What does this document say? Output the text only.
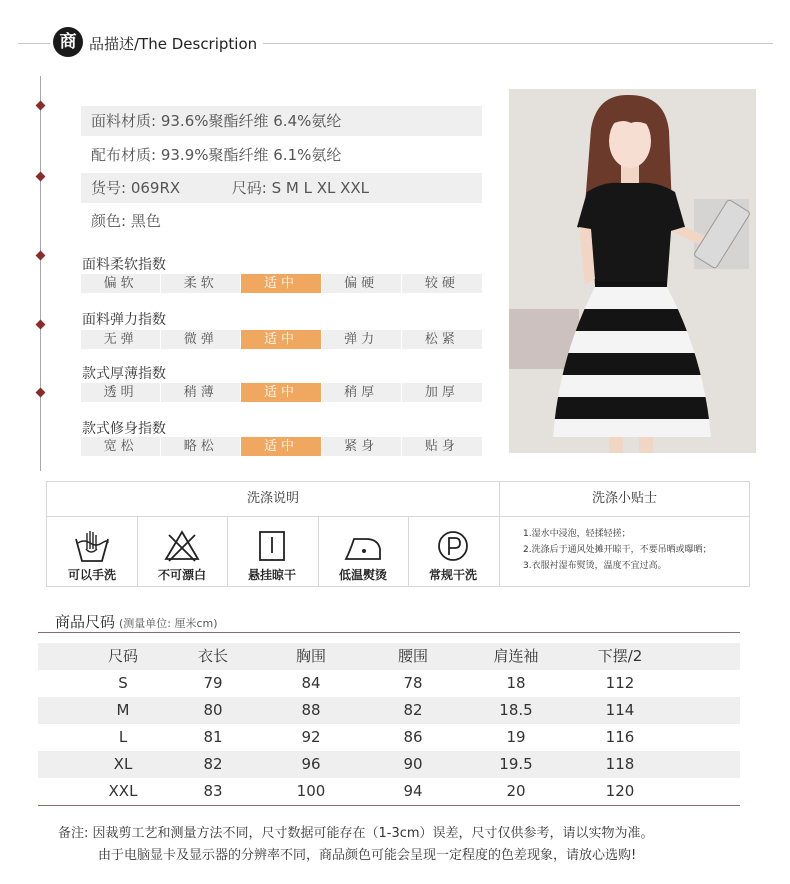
商 品描述/The Description
面料材质: 93.6%聚酯纤维 6.4%氨纶
配布材质: 93.9%聚酯纤维 6.1%氨纶
货号: 069RX	尺码: S M L XL XXL
颜色: 黑色
面料柔软指数
偏软	柔软	适中	偏硬	较硬
面料弹力指数
无弹	微弹	适中	弹力	松紧
款式厚薄指数
透明	稍薄	适中	稍厚	加厚
款式修身指数
宽松	略松	适中	紧身	贴身
洗涤说明	洗涤小贴士
可以手洗	不可漂白	悬挂晾干	低温熨烫	常规干洗
1.湿水中浸泡，轻揉轻搓；
2.洗涤后于通风处摊开晾干，不要吊晒或曝晒；
3.衣服衬湿布熨烫，温度不宜过高。
商品尺码 (测量单位: 厘米cm)
尺码	衣长	胸围	腰围	肩连袖	下摆/2
S	79	84	78	18	112
M	80	88	82	18.5	114
L	81	92	86	19	116
XL	82	96	90	19.5	118
XXL	83	100	94	20	120
备注: 因裁剪工艺和测量方法不同，尺寸数据可能存在（1-3cm）误差，尺寸仅供参考，请以实物为准。
由于电脑显卡及显示器的分辨率不同，商品颜色可能会呈现一定程度的色差现象，请放心选购!
